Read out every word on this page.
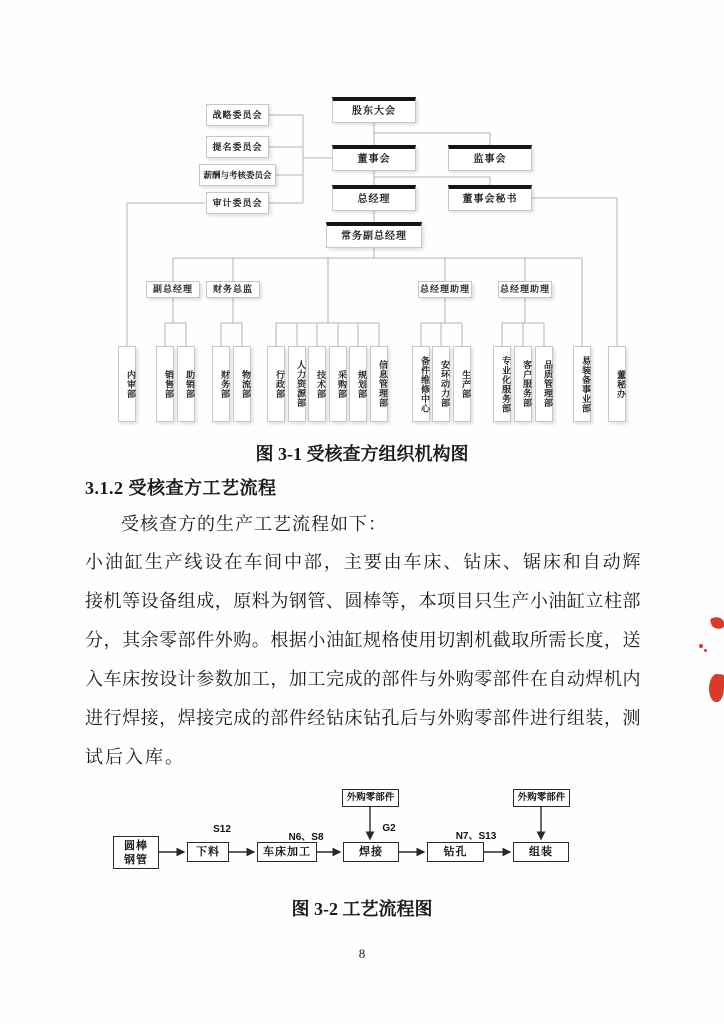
股东大会
战略委员会
提名委员会
薪酬与考核委员会
审计委员会
董事会	监事会
总经理	董事会秘书
常务副总经理
副总经理	财务总监	总经理助理	总经理助理
内审部	销售部	助销部	财务部	物流部	行政部	人力资源部	技术部	采购部	规划部	信息管理部	备件维修中心	安环动力部	生产部	专业化服务部	客户服务部	品质管理部	易装备事业部	董秘办
图 3-1 受核查方组织机构图
3.1.2 受核查方工艺流程
受核查方的生产工艺流程如下：
小油缸生产线设在车间中部，主要由车床、钻床、锯床和自动辉
接机等设备组成，原料为钢管、圆棒等，本项目只生产小油缸立柱部
分，其余零部件外购。根据小油缸规格使用切割机截取所需长度，送
入车床按设计参数加工，加工完成的部件与外购零部件在自动焊机内
进行焊接，焊接完成的部件经钻床钻孔后与外购零部件进行组装，测
试后入库。
圆棒钢管
下料	车床加工	焊接	钻孔	组装
外购零部件	外购零部件
S12
N6、S8
G2
N7、S13
图 3-2 工艺流程图
8
